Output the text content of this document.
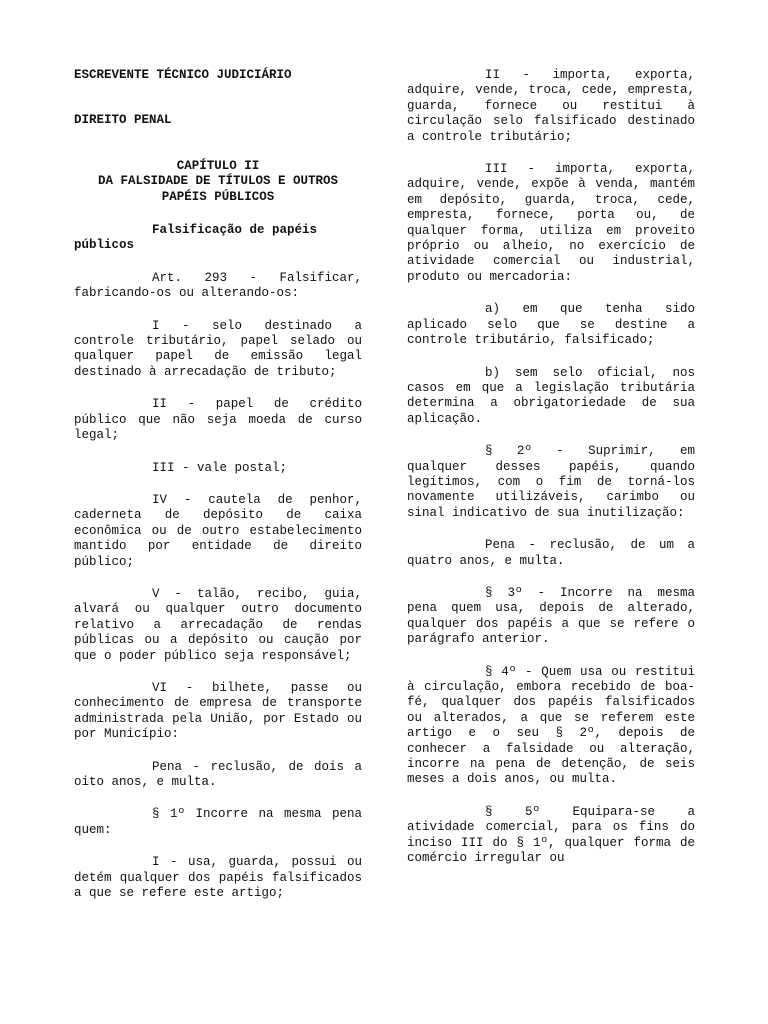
ESCREVENTE TÉCNICO JUDICIÁRIO

DIREITO PENAL

CAPÍTULO II

DA FALSIDADE DE TÍTULOS E OUTROS

PAPÉIS PÚBLICOS

Falsificação de papéis públicos

Art. 293 - Falsificar, fabricando-os ou alterando-os:

I - selo destinado a controle tributário, papel selado ou qualquer papel de emissão legal destinado à arrecadação de tributo;

II - papel de crédito público que não seja moeda de curso legal;

III - vale postal;

IV - cautela de penhor, caderneta de depósito de caixa econômica ou de outro estabelecimento mantido por entidade de direito público;

V - talão, recibo, guia, alvará ou qualquer outro documento relativo a arrecadação de rendas públicas ou a depósito ou caução por que o poder público seja responsável;

VI - bilhete, passe ou conhecimento de empresa de transporte administrada pela União, por Estado ou por Município:

Pena - reclusão, de dois a oito anos, e multa.

§ 1º Incorre na mesma pena quem:

I - usa, guarda, possui ou detém qualquer dos papéis falsificados a que se refere este artigo;

II - importa, exporta, adquire, vende, troca, cede, empresta, guarda, fornece ou restitui à circulação selo falsificado destinado a controle tributário;

III - importa, exporta, adquire, vende, expõe à venda, mantém em depósito, guarda, troca, cede, empresta, fornece, porta ou, de qualquer forma, utiliza em proveito próprio ou alheio, no exercício de atividade comercial ou industrial, produto ou mercadoria:

a) em que tenha sido aplicado selo que se destine a controle tributário, falsificado;

b) sem selo oficial, nos casos em que a legislação tributária determina a obrigatoriedade de sua aplicação.

§ 2º - Suprimir, em qualquer desses papéis, quando legítimos, com o fim de torná-los novamente utilizáveis, carimbo ou sinal indicativo de sua inutilização:

Pena - reclusão, de um a quatro anos, e multa.

§ 3º - Incorre na mesma pena quem usa, depois de alterado, qualquer dos papéis a que se refere o parágrafo anterior.

§ 4º - Quem usa ou restitui à circulação, embora recebido de boa-fé, qualquer dos papéis falsificados ou alterados, a que se referem este artigo e o seu § 2º, depois de conhecer a falsidade ou alteração, incorre na pena de detenção, de seis meses a dois anos, ou multa.

§ 5º Equipara-se a atividade comercial, para os fins do inciso III do § 1º, qualquer forma de comércio irregular ou
